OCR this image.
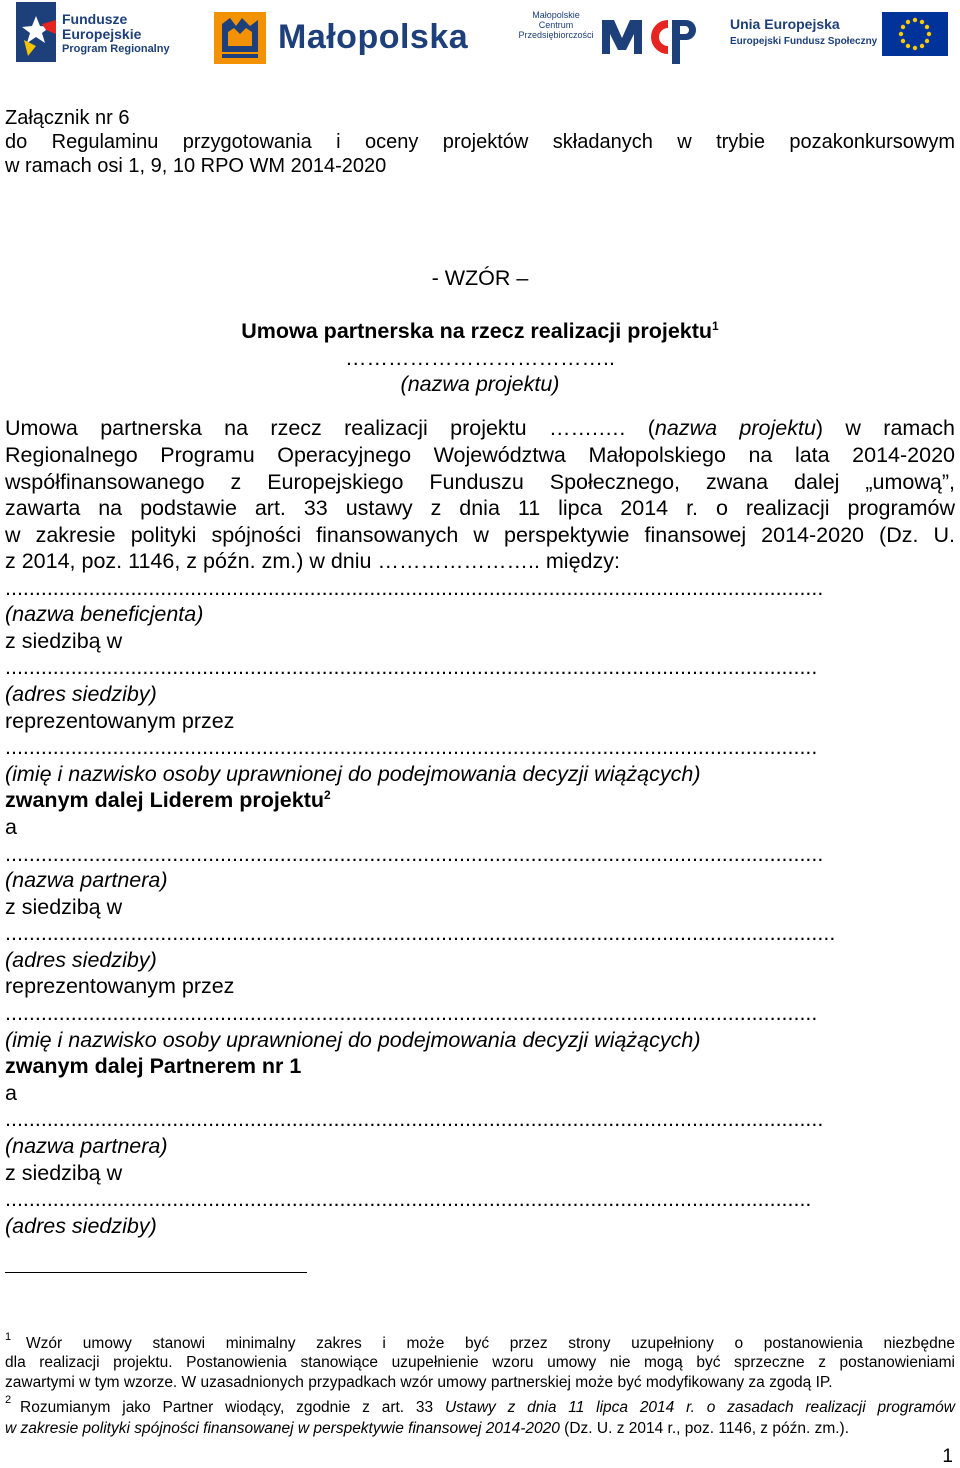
Fundusze
Europejskie
Program Regionalny	Małopolska
Małopolskie
Centrum
Przedsiębiorczości
Unia Europejska
Europejski Fundusz Społeczny
Załącznik nr 6
do Regulaminu przygotowania i oceny projektów składanych w trybie pozakonkursowym
w ramach osi 1, 9, 10 RPO WM 2014-2020
- WZÓR –
Umowa partnerska na rzecz realizacji projektu$^1$
………………………………..
(nazwa projektu)
Umowa partnerska na rzecz realizacji projektu …….…. (nazwa projektu) w ramach
Regionalnego Programu Operacyjnego Województwa Małopolskiego na lata 2014-2020
współfinansowanego z Europejskiego Funduszu Społecznego, zwana dalej „umową”,
zawarta na podstawie art. 33 ustawy z dnia 11 lipca 2014 r. o realizacji programów
w zakresie polityki spójności finansowanych w perspektywie finansowej 2014-2020 (Dz. U.
z 2014, poz. 1146, z późn. zm.) w dniu ………………….. między:
.........................................................................................................................................
(nazwa beneficjenta)
z siedzibą w
........................................................................................................................................
(adres siedziby)
reprezentowanym przez
........................................................................................................................................
(imię i nazwisko osoby uprawnionej do podejmowania decyzji wiążących)
zwanym dalej Liderem projektu$^2$
a
.........................................................................................................................................
(nazwa partnera)
z siedzibą w
...........................................................................................................................................
(adres siedziby)
reprezentowanym przez
........................................................................................................................................
(imię i nazwisko osoby uprawnionej do podejmowania decyzji wiążących)
zwanym dalej Partnerem nr 1
a
.........................................................................................................................................
(nazwa partnera)
z siedzibą w
.......................................................................................................................................
(adres siedziby)
1 Wzór umowy stanowi minimalny zakres i może być przez strony uzupełniony o postanowienia niezbędne
dla realizacji projektu. Postanowienia stanowiące uzupełnienie wzoru umowy nie mogą być sprzeczne z postanowieniami
zawartymi w tym wzorze. W uzasadnionych przypadkach wzór umowy partnerskiej może być modyfikowany za zgodą IP.
2 Rozumianym jako Partner wiodący, zgodnie z art. 33 Ustawy z dnia 11 lipca 2014 r. o zasadach realizacji programów
w zakresie polityki spójności finansowanej w perspektywie finansowej 2014-2020 (Dz. U. z 2014 r., poz. 1146, z późn. zm.).
1
